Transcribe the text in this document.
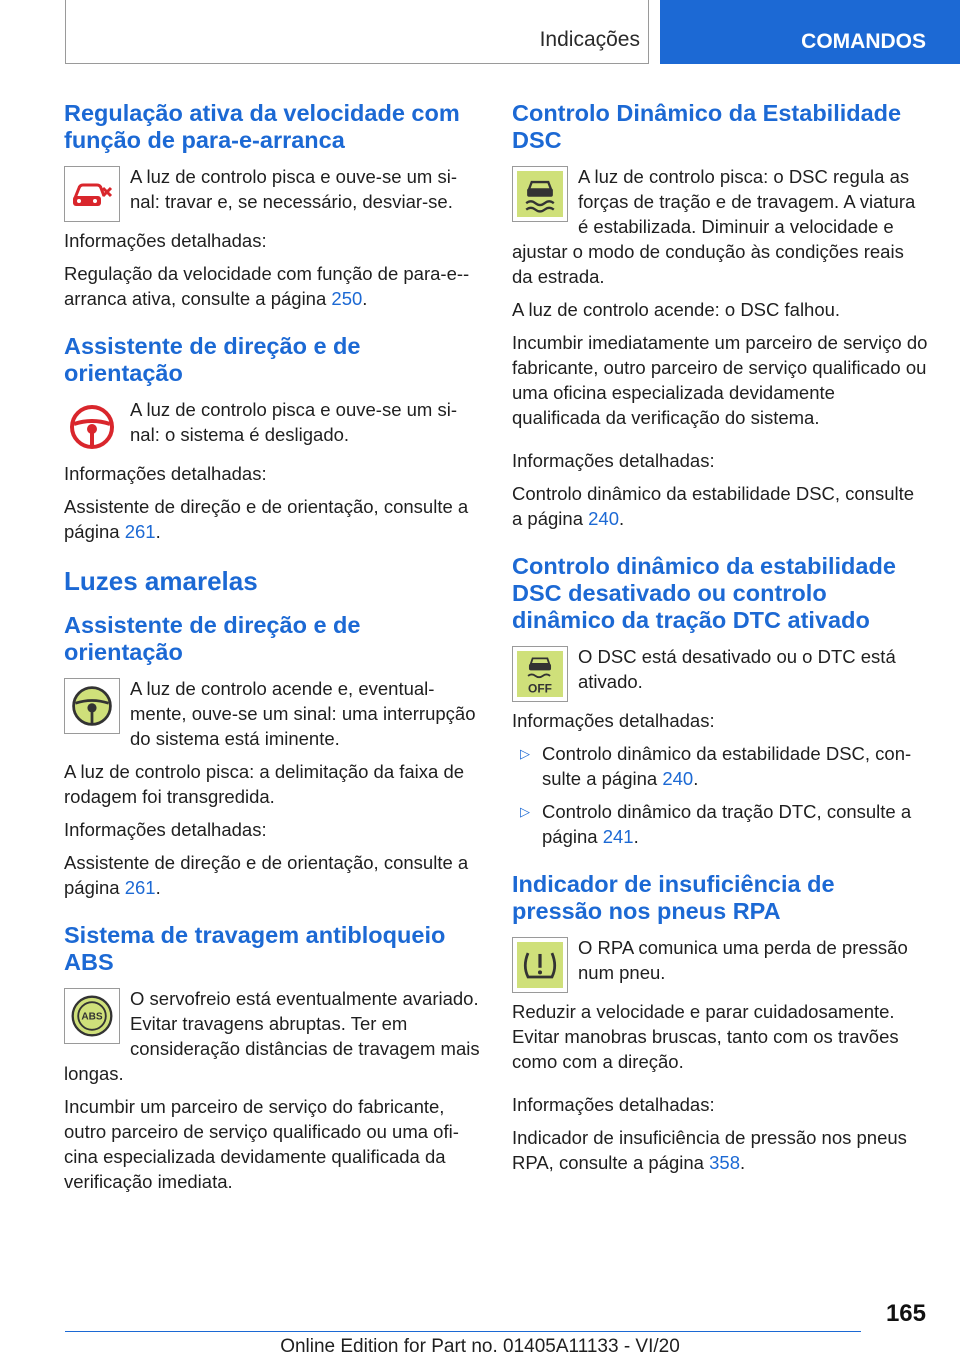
Indicações	COMANDOS
Regulação ativa da velocidade com função de para-e-arranca

A luz de controlo pisca e ouve-se um sinal: travar e, se necessário, desviar-se.

Informações detalhadas:

Regulação da velocidade com função de para-e--arranca ativa, consulte a página 250.

Assistente de direção e de orientação

A luz de controlo pisca e ouve-se um sinal: o sistema é desligado.

Informações detalhadas:

Assistente de direção e de orientação, consulte a página 261.

Luzes amarelas
Assistente de direção e de orientação

A luz de controlo acende e, eventualmente, ouve-se um sinal: uma interrupção do sistema está iminente.

A luz de controlo pisca: a delimitação da faixa de rodagem foi transgredida.

Informações detalhadas:

Assistente de direção e de orientação, consulte a página 261.

Sistema de travagem antibloqueio ABS
ABS

O servofreio está eventualmente avariado. Evitar travagens abruptas. Ter em consideração distâncias de travagem mais longas.

Incumbir um parceiro de serviço do fabricante, outro parceiro de serviço qualificado ou uma oficina especializada devidamente qualificada da verificação imediata.

Controlo Dinâmico da Estabilidade DSC

A luz de controlo pisca: o DSC regula as forças de tração e de travagem. A viatura é estabilizada. Diminuir a velocidade e ajustar o modo de condução às condições reais da estrada.

A luz de controlo acende: o DSC falhou.

Incumbir imediatamente um parceiro de serviço do fabricante, outro parceiro de serviço qualificado ou uma oficina especializada devidamente qualificada da verificação do sistema.

Informações detalhadas:

Controlo dinâmico da estabilidade DSC, consulte a página 240.

Controlo dinâmico da estabilidade DSC desativado ou controlo dinâmico da tração DTC ativado
OFF

O DSC está desativado ou o DTC está ativado.

Informações detalhadas:

▷ Controlo dinâmico da estabilidade DSC, consulte a página 240.
▷ Controlo dinâmico da tração DTC, consulte a página 241.
Indicador de insuficiência de pressão nos pneus RPA

O RPA comunica uma perda de pressão num pneu.

Reduzir a velocidade e parar cuidadosamente. Evitar manobras bruscas, tanto com os travões como com a direção.

Informações detalhadas:

Indicador de insuficiência de pressão nos pneus RPA, consulte a página 358.

165
Online Edition for Part no. 01405A11133 - VI/20
